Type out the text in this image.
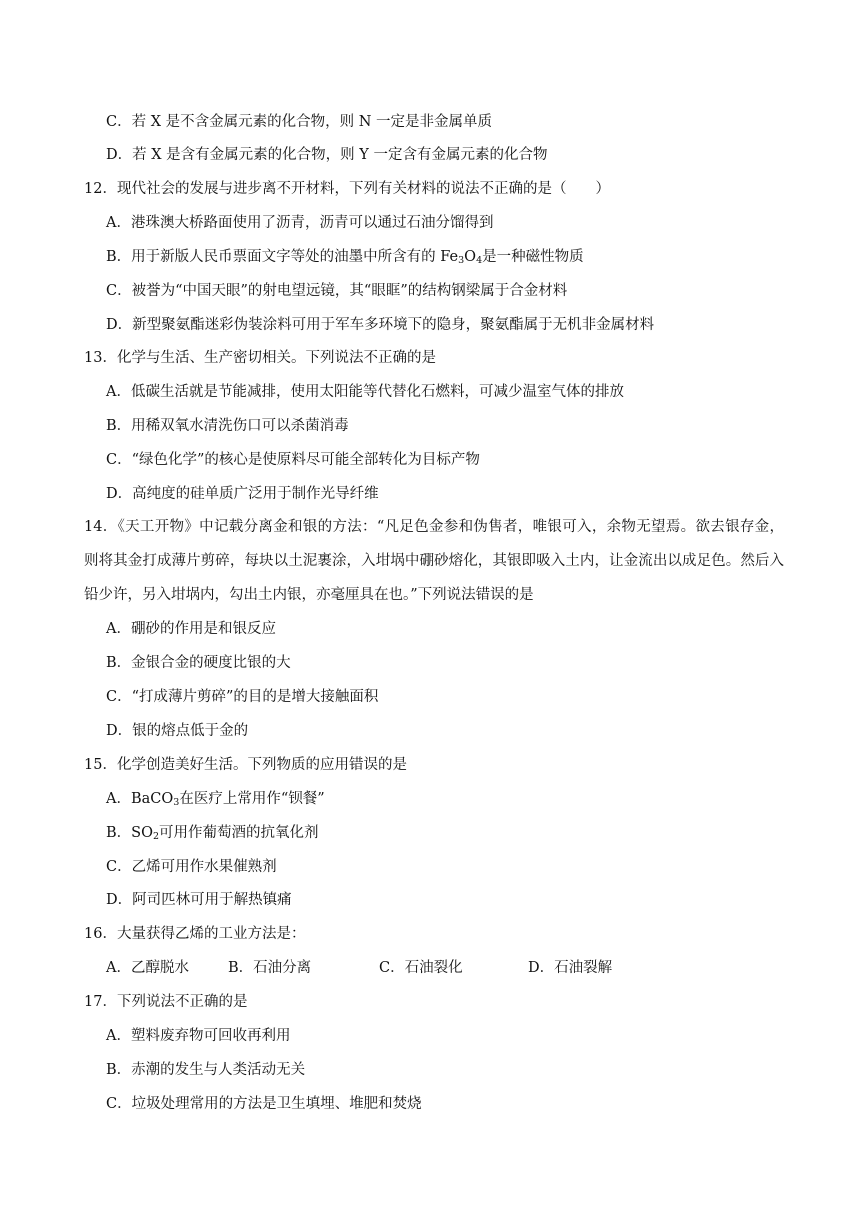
C．若 X 是不含金属元素的化合物，则 N 一定是非金属单质
D．若 X 是含有金属元素的化合物，则 Y 一定含有金属元素的化合物
12．现代社会的发展与进步离不开材料，下列有关材料的说法不正确的是（　　）
A．港珠澳大桥路面使用了沥青，沥青可以通过石油分馏得到
B．用于新版人民币票面文字等处的油墨中所含有的 $Fe_3O_4$是一种磁性物质
C．被誉为“中国天眼”的射电望远镜，其“眼眶”的结构钢梁属于合金材料
D．新型聚氨酯迷彩伪装涂料可用于军车多环境下的隐身，聚氨酯属于无机非金属材料
13．化学与生活、生产密切相关。下列说法不正确的是
A．低碳生活就是节能减排，使用太阳能等代替化石燃料，可减少温室气体的排放
B．用稀双氧水清洗伤口可以杀菌消毒
C．“绿色化学”的核心是使原料尽可能全部转化为目标产物
D．高纯度的硅单质广泛用于制作光导纤维
14．《天工开物》中记载分离金和银的方法：“凡足色金参和伪售者，唯银可入，余物无望焉。欲去银存金，则将其金打成薄片剪碎，每块以土泥裹涂，入坩埚中硼砂熔化，其银即吸入土内，让金流出以成足色。然后入铅少许，另入坩埚内，勾出土内银，亦毫厘具在也。”下列说法错误的是
A．硼砂的作用是和银反应
B．金银合金的硬度比银的大
C．“打成薄片剪碎”的目的是增大接触面积
D．银的熔点低于金的
15．化学创造美好生活。下列物质的应用错误的是
A．BaCO$_3$在医疗上常用作“钡餐”
B．$SO_2$可用作葡萄酒的抗氧化剂
C．乙烯可用作水果催熟剂
D．阿司匹林可用于解热镇痛
16．大量获得乙烯的工业方法是：
A．乙醇脱水	B．石油分离	C．石油裂化	D．石油裂解
17．下列说法不正确的是
A．塑料废弃物可回收再利用
B．赤潮的发生与人类活动无关
C．垃圾处理常用的方法是卫生填埋、堆肥和焚烧
